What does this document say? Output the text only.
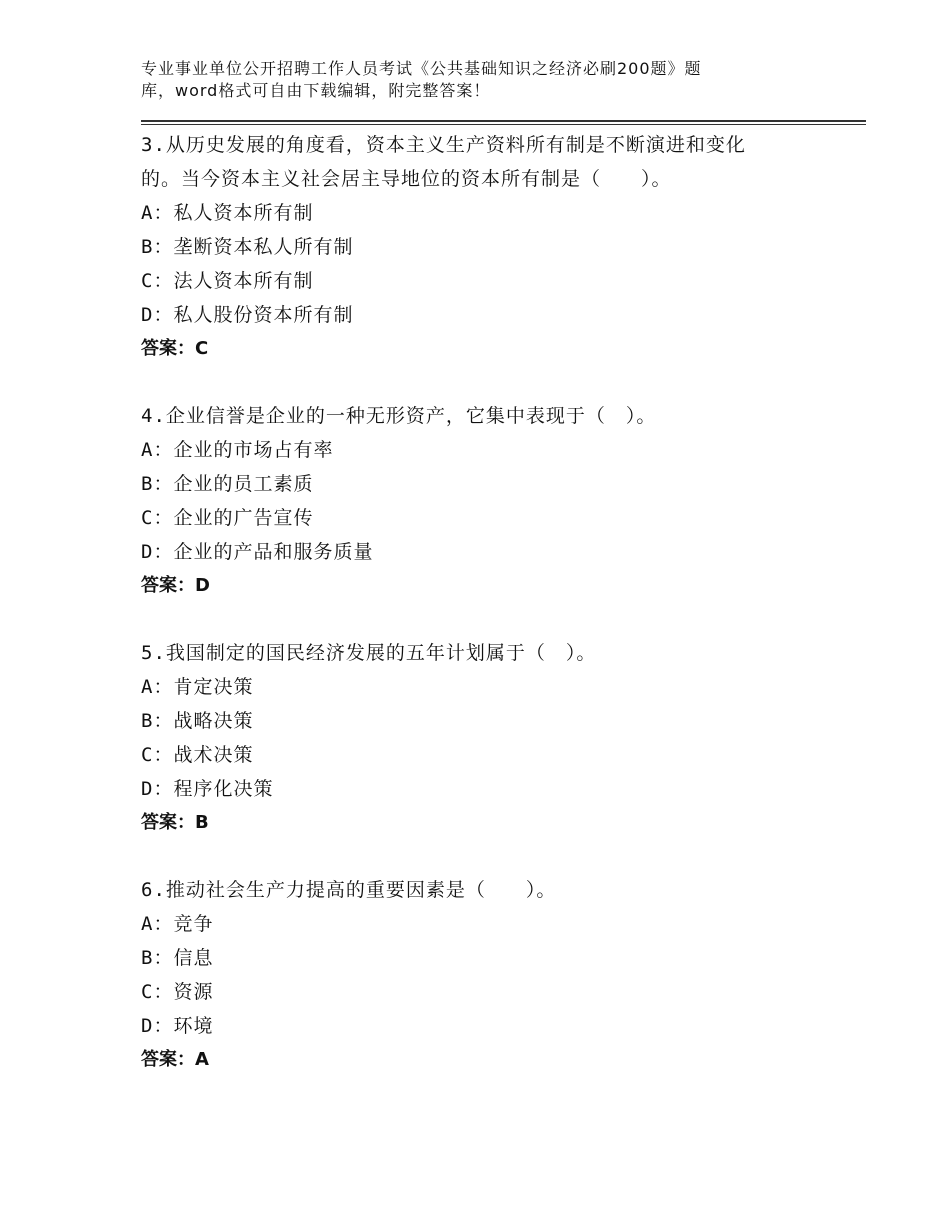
专业事业单位公开招聘工作人员考试《公共基础知识之经济必刷200题》题
库，word格式可自由下载编辑，附完整答案！
3.从历史发展的角度看，资本主义生产资料所有制是不断演进和变化
的。当今资本主义社会居主导地位的资本所有制是（　　）。
A：私人资本所有制
B：垄断资本私人所有制
C：法人资本所有制
D：私人股份资本所有制
答案：C
4.企业信誉是企业的一种无形资产，它集中表现于（　）。
A：企业的市场占有率
B：企业的员工素质
C：企业的广告宣传
D：企业的产品和服务质量
答案：D
5.我国制定的国民经济发展的五年计划属于（　）。
A：肯定决策
B：战略决策
C：战术决策
D：程序化决策
答案：B
6.推动社会生产力提高的重要因素是（　　）。
A：竞争
B：信息
C：资源
D：环境
答案：A
